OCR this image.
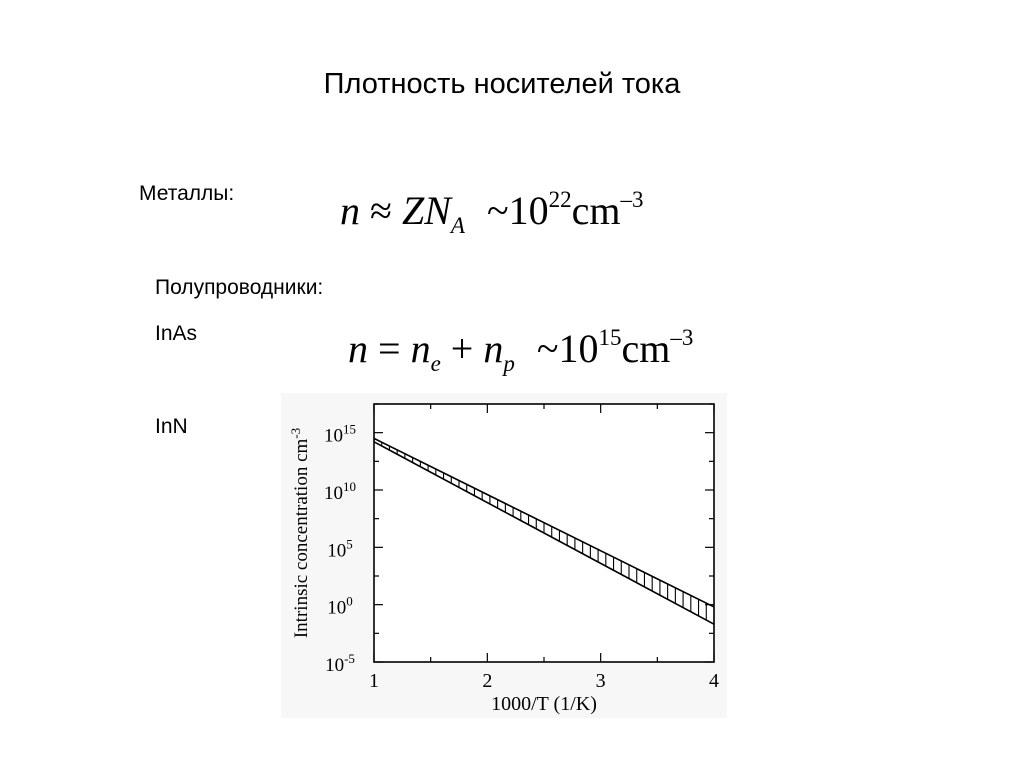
Плотность носителей тока
Металлы:	$n \approx ZN_A$ $\sim 10^{22}cm^{-3}$
Полупроводники:
InAs	$n = n_e + n_p$ $\sim 10^{15}cm^{-3}$
InN
1	2	3	4
$10^{15}$
$10^{10}$
$10^5$
$10^0$
$10^{-5}$
1000/T (1/K)
Intrinsic concentration $cm^{-3}$
